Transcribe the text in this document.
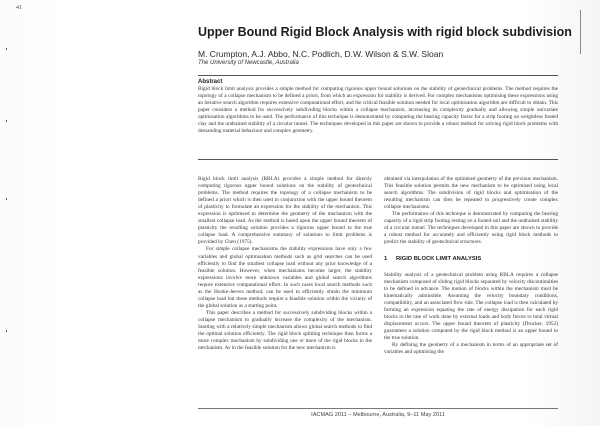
41
Upper Bound Rigid Block Analysis with rigid block subdivision
M. Crumpton, A.J. Abbo, N.C. Podlich, D.W. Wilson & S.W. Sloan
The University of Newcastle, Australia

Abstract

Rigid block limit analysis provides a simple method for computing rigorous upper bound solutions on the stability of geotechnical problems. The method requires the topology of a collapse mechanism to be defined a priori, from which an expression for stability is derived. For complex mechanisms optimising these expressions using an iterative search algorithm requires extensive computational effort, and the critical feasible solution needed for local optimisation algorithm are difficult to obtain. This paper considers a method for successively subdividing blocks within a collapse mechanism, increasing its complexity gradually and allowing simple univariate optimisation algorithms to be used. The performance of this technique is demonstrated by computing the bearing capacity factor for a strip footing on weightless footed clay and the undrained stability of a circular tunnel. The techniques developed in this paper are shown to provide a robust method for solving rigid block problems with demanding material behaviour and complex geometry.

Rigid block limit analysis (RBLA) provides a simple method for directly computing rigorous upper bound solutions on the stability of geotechnical problems. The method requires the topology of a collapse mechanism to be defined a priori which is then used in conjunction with the upper bound theorem of plasticity to formulate an expression for the stability of the mechanism. This expression is optimised to determine the geometry of the mechanism with the smallest collapse load. As the method is based upon the upper bound theorem of plasticity the resulting solution provides a rigorous upper bound to the true collapse load. A comprehensive summary of solutions to limit problems is provided by Chen (1975).

For simple collapse mechanisms the stability expressions have only a few variables and global optimisation methods such as grid searches can be used efficiently to find the smallest collapse load without any prior knowledge of a feasible solution. However, when mechanisms become larger, the stability expressions involve more unknown variables and global search algorithms require extensive computational effort. In such cases local search methods such as the Hooke-Jeeves method, can be used to efficiently obtain the minimum collapse load but these methods require a feasible solution within the vicinity of the global solution as a starting point.

This paper describes a method for successively subdividing blocks within a collapse mechanism to gradually increase the complexity of the mechanism. Starting with a relatively simple mechanism allows global search methods to find the optimal solution efficiently. The rigid block splitting technique then forms a more complex mechanism by subdividing one or more of the rigid blocks in the mechanism. As in the feasible solution for the new mechanism is

obtained via interpolation of the optimised geometry of the previous mechanism. This feasible solution permits the new mechanism to be optimised using local search algorithms. The subdivision of rigid blocks and optimisation of the resulting mechanism can then be repeated to progressively create complex collapse mechanisms.

The performance of this technique is demonstrated by computing the bearing capacity of a rigid strip footing resting on a footed soil and the undrained stability of a circular tunnel. The techniques developed in this paper are shown to provide a robust method for accurately and efficiently using rigid block methods to predict the stability of geotechnical structures.

1 RIGID BLOCK LIMIT ANALYSIS

Stability analysis of a geotechnical problem using RBLA requires a collapse mechanism composed of sliding rigid blocks separated by velocity discontinuities to be defined in advance. The motion of blocks within the mechanism must be kinematically admissible. Assuming the velocity boundary conditions, compatibility, and an associated flow rule. The collapse load is then calculated by forming an expression equating the rate of energy dissipation for each rigid blocks to the rate of work done by external loads and body forces to total virtual displacement occurs. The upper bound theorem of plasticity (Drucker, 1952) guarantees a solution computed by the rigid block method is an upper bound to the true solution.

By defining the geometry of a mechanism in terms of an appropriate set of variables and optimising the

IACMAG 2011 – Melbourne, Australia, 9–11 May 2011
